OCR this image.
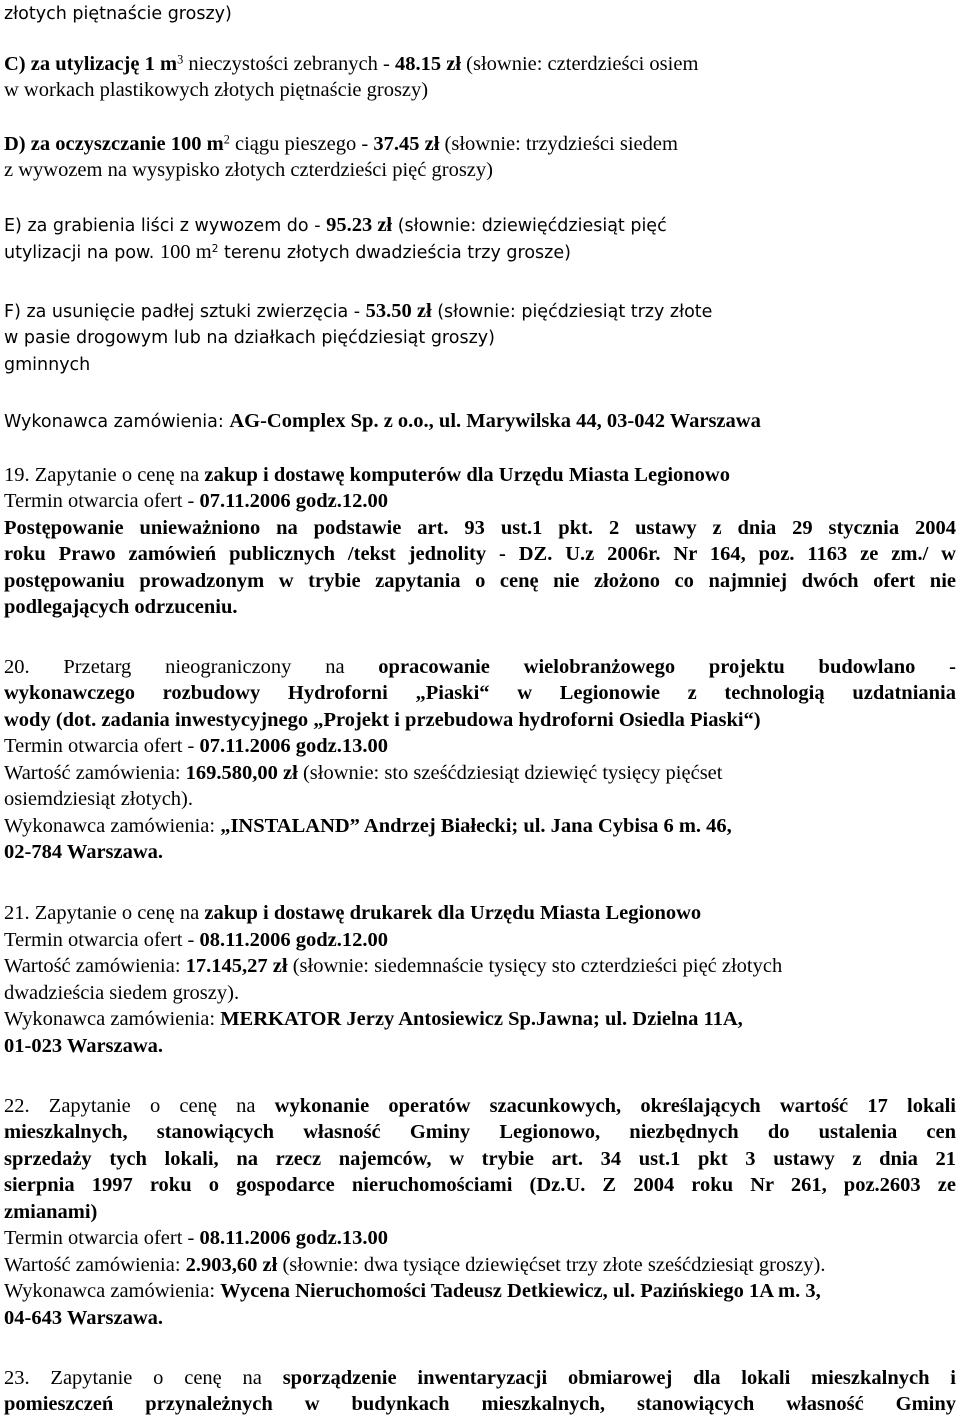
złotych piętnaście groszy)
C) za utylizację 1 $m^3$ nieczystości zebranych - 48.15 zł (słownie: czterdzieści osiem
w workach plastikowych złotych piętnaście groszy)
D) za oczyszczanie 100 $m^2$ ciągu pieszego - 37.45 zł (słownie: trzydzieści siedem
z wywozem na wysypisko złotych czterdzieści pięć groszy)
E) za grabienia liści z wywozem do - 95.23 zł (słownie: dziewięćdziesiąt pięć
utylizacji na pow. 100 $m^2$ terenu złotych dwadzieścia trzy grosze)
F) za usunięcie padłej sztuki zwierzęcia - 53.50 zł (słownie: pięćdziesiąt trzy złote
w pasie drogowym lub na działkach pięćdziesiąt groszy)
gminnych
Wykonawca zamówienia: AG-Complex Sp. z o.o., ul. Marywilska 44, 03-042 Warszawa
19. Zapytanie o cenę na zakup i dostawę komputerów dla Urzędu Miasta Legionowo
Termin otwarcia ofert - 07.11.2006 godz.12.00
Postępowanie unieważniono na podstawie art. 93 ust.1 pkt. 2 ustawy z dnia 29 stycznia 2004
roku Prawo zamówień publicznych /tekst jednolity - DZ. U.z 2006r. Nr 164, poz. 1163 ze zm./ w
postępowaniu prowadzonym w trybie zapytania o cenę nie złożono co najmniej dwóch ofert nie
podlegających odrzuceniu.
20. Przetarg nieograniczony na opracowanie wielobranżowego projektu budowlano -
wykonawczego rozbudowy Hydroforni „Piaski“ w Legionowie z technologią uzdatniania
wody (dot. zadania inwestycyjnego „Projekt i przebudowa hydroforni Osiedla Piaski“)
Termin otwarcia ofert - 07.11.2006 godz.13.00
Wartość zamówienia: 169.580,00 zł (słownie: sto sześćdziesiąt dziewięć tysięcy pięćset
osiemdziesiąt złotych).
Wykonawca zamówienia: „INSTALAND” Andrzej Białecki; ul. Jana Cybisa 6 m. 46,
02-784 Warszawa.
21. Zapytanie o cenę na zakup i dostawę drukarek dla Urzędu Miasta Legionowo
Termin otwarcia ofert - 08.11.2006 godz.12.00
Wartość zamówienia: 17.145,27 zł (słownie: siedemnaście tysięcy sto czterdzieści pięć złotych
dwadzieścia siedem groszy).
Wykonawca zamówienia: MERKATOR Jerzy Antosiewicz Sp.Jawna; ul. Dzielna 11A,
01-023 Warszawa.
22. Zapytanie o cenę na wykonanie operatów szacunkowych, określających wartość 17 lokali
mieszkalnych, stanowiących własność Gminy Legionowo, niezbędnych do ustalenia cen
sprzedaży tych lokali, na rzecz najemców, w trybie art. 34 ust.1 pkt 3 ustawy z dnia 21
sierpnia 1997 roku o gospodarce nieruchomościami (Dz.U. Z 2004 roku Nr 261, poz.2603 ze
zmianami)
Termin otwarcia ofert - 08.11.2006 godz.13.00
Wartość zamówienia: 2.903,60 zł (słownie: dwa tysiące dziewięćset trzy złote sześćdziesiąt groszy).
Wykonawca zamówienia: Wycena Nieruchomości Tadeusz Detkiewicz, ul. Pazińskiego 1A m. 3,
04-643 Warszawa.
23. Zapytanie o cenę na sporządzenie inwentaryzacji obmiarowej dla lokali mieszkalnych i
pomieszczeń przynależnych w budynkach mieszkalnych, stanowiących własność Gminy
